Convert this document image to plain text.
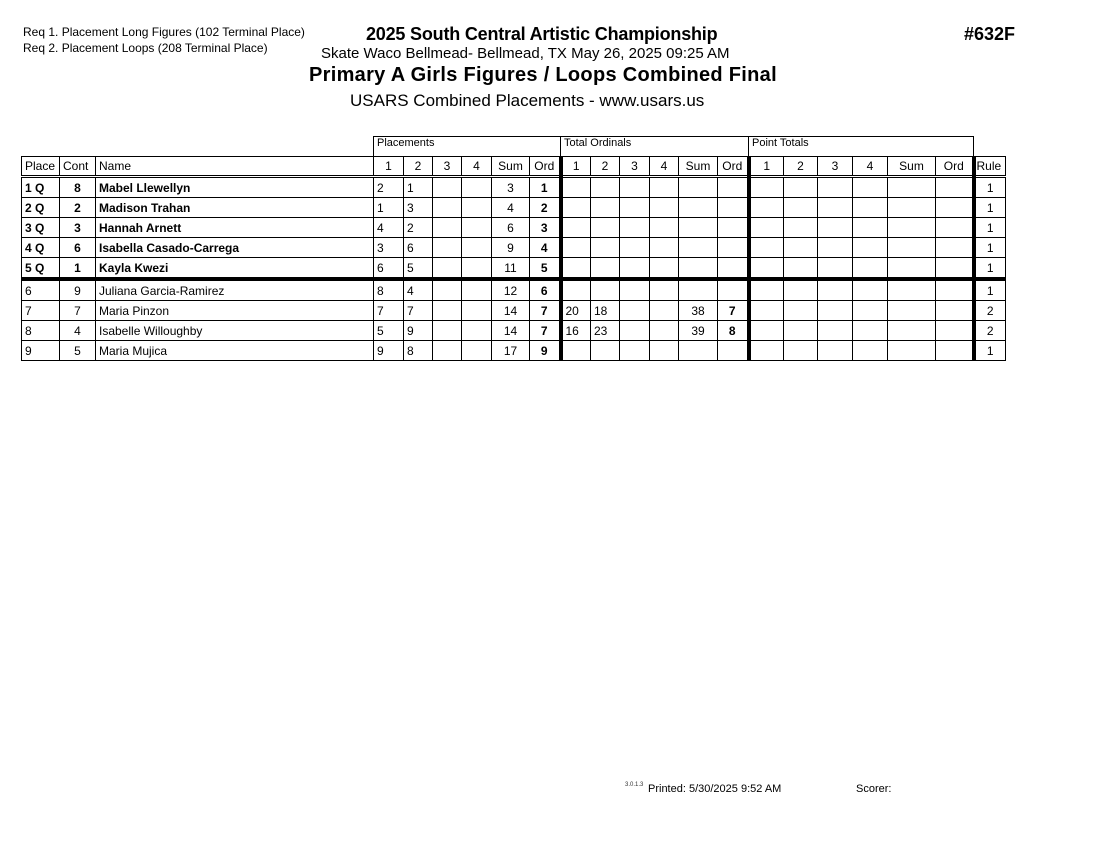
Req 1. Placement Long Figures (102 Terminal Place)
Req 2. Placement Loops (208 Terminal Place)
2025 South Central Artistic Championship
Skate Waco Bellmead- Bellmead, TX May 26, 2025 09:25 AM
Primary A Girls Figures / Loops Combined Final
USARS Combined Placements - www.usars.us
#632F
			Placements						Total Ordinals						Point Totals						
Place	Cont	Name	1	2	3	4	Sum	Ord	1	2	3	4	Sum	Ord	1	2	3	4	Sum	Ord	Rule
1 Q	8	Mabel Llewellyn	2	1			3	1													1
2 Q	2	Madison Trahan	1	3			4	2													1
3 Q	3	Hannah Arnett	4	2			6	3													1
4 Q	6	Isabella Casado-Carrega	3	6			9	4													1
5 Q	1	Kayla Kwezi	6	5			11	5													1
6	9	Juliana Garcia-Ramirez	8	4			12	6													1
7	7	Maria Pinzon	7	7			14	7	20	18			38	7							2
8	4	Isabelle Willoughby	5	9			14	7	16	23			39	8							2
9	5	Maria Mujica	9	8			17	9													1
3.0.1.3 Printed: 5/30/2025 9:52 AM	Scorer:
